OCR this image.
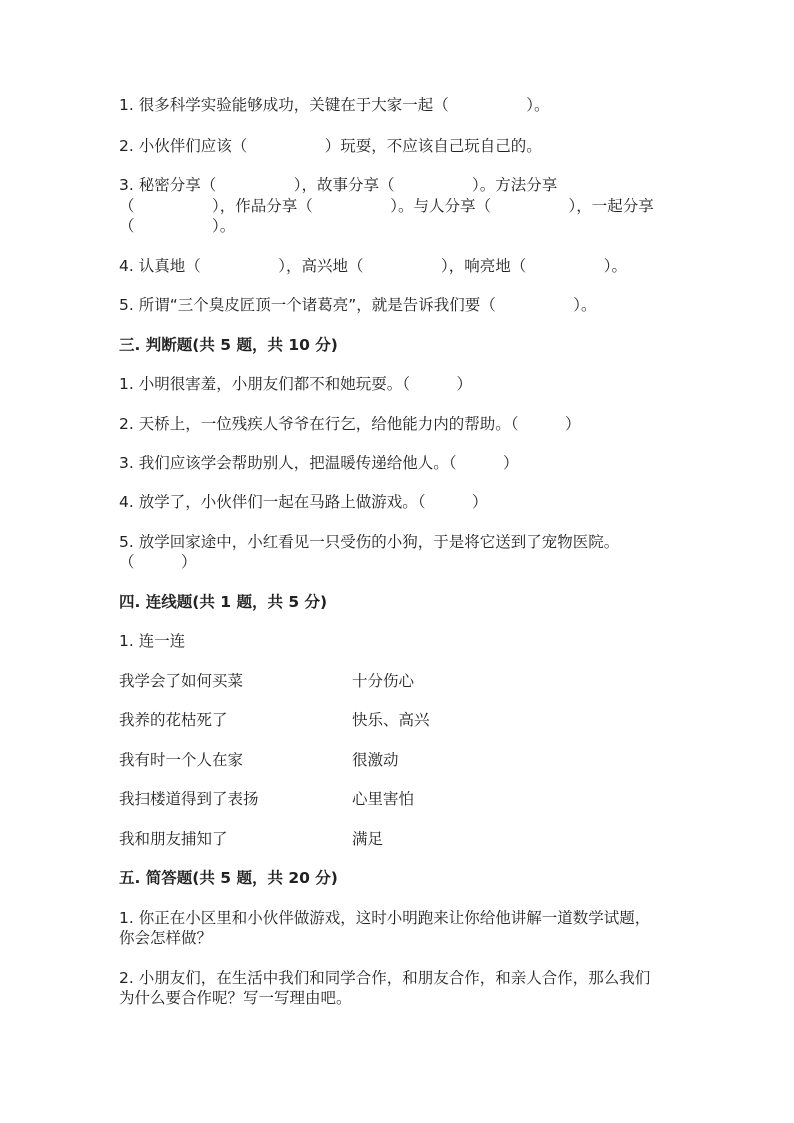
1. 很多科学实验能够成功，关键在于大家一起（　　　　　）。
2. 小伙伴们应该（　　　　　）玩耍，不应该自己玩自己的。
3. 秘密分享（　　　　　），故事分享（　　　　　）。方法分享
（　　　　　），作品分享（　　　　　）。与人分享（　　　　　），一起分享
（　　　　　）。
4. 认真地（　　　　　），高兴地（　　　　　），响亮地（　　　　　）。
5. 所谓“三个臭皮匠顶一个诸葛亮”，就是告诉我们要（　　　　　）。
三. 判断题(共 5 题，共 10 分)
1. 小明很害羞，小朋友们都不和她玩耍。（　　　）
2. 天桥上，一位残疾人爷爷在行乞，给他能力内的帮助。（　　　）
3. 我们应该学会帮助别人，把温暖传递给他人。（　　　）
4. 放学了，小伙伴们一起在马路上做游戏。（　　　）
5. 放学回家途中，小红看见一只受伤的小狗，于是将它送到了宠物医院。
（　　　）
四. 连线题(共 1 题，共 5 分)
1. 连一连
我学会了如何买菜	十分伤心
我养的花枯死了	快乐、高兴
我有时一个人在家	很激动
我扫楼道得到了表扬	心里害怕
我和朋友捕知了	满足
五. 简答题(共 5 题，共 20 分)
1. 你正在小区里和小伙伴做游戏，这时小明跑来让你给他讲解一道数学试题，
你会怎样做？
2. 小朋友们，在生活中我们和同学合作，和朋友合作，和亲人合作，那么我们
为什么要合作呢？写一写理由吧。
